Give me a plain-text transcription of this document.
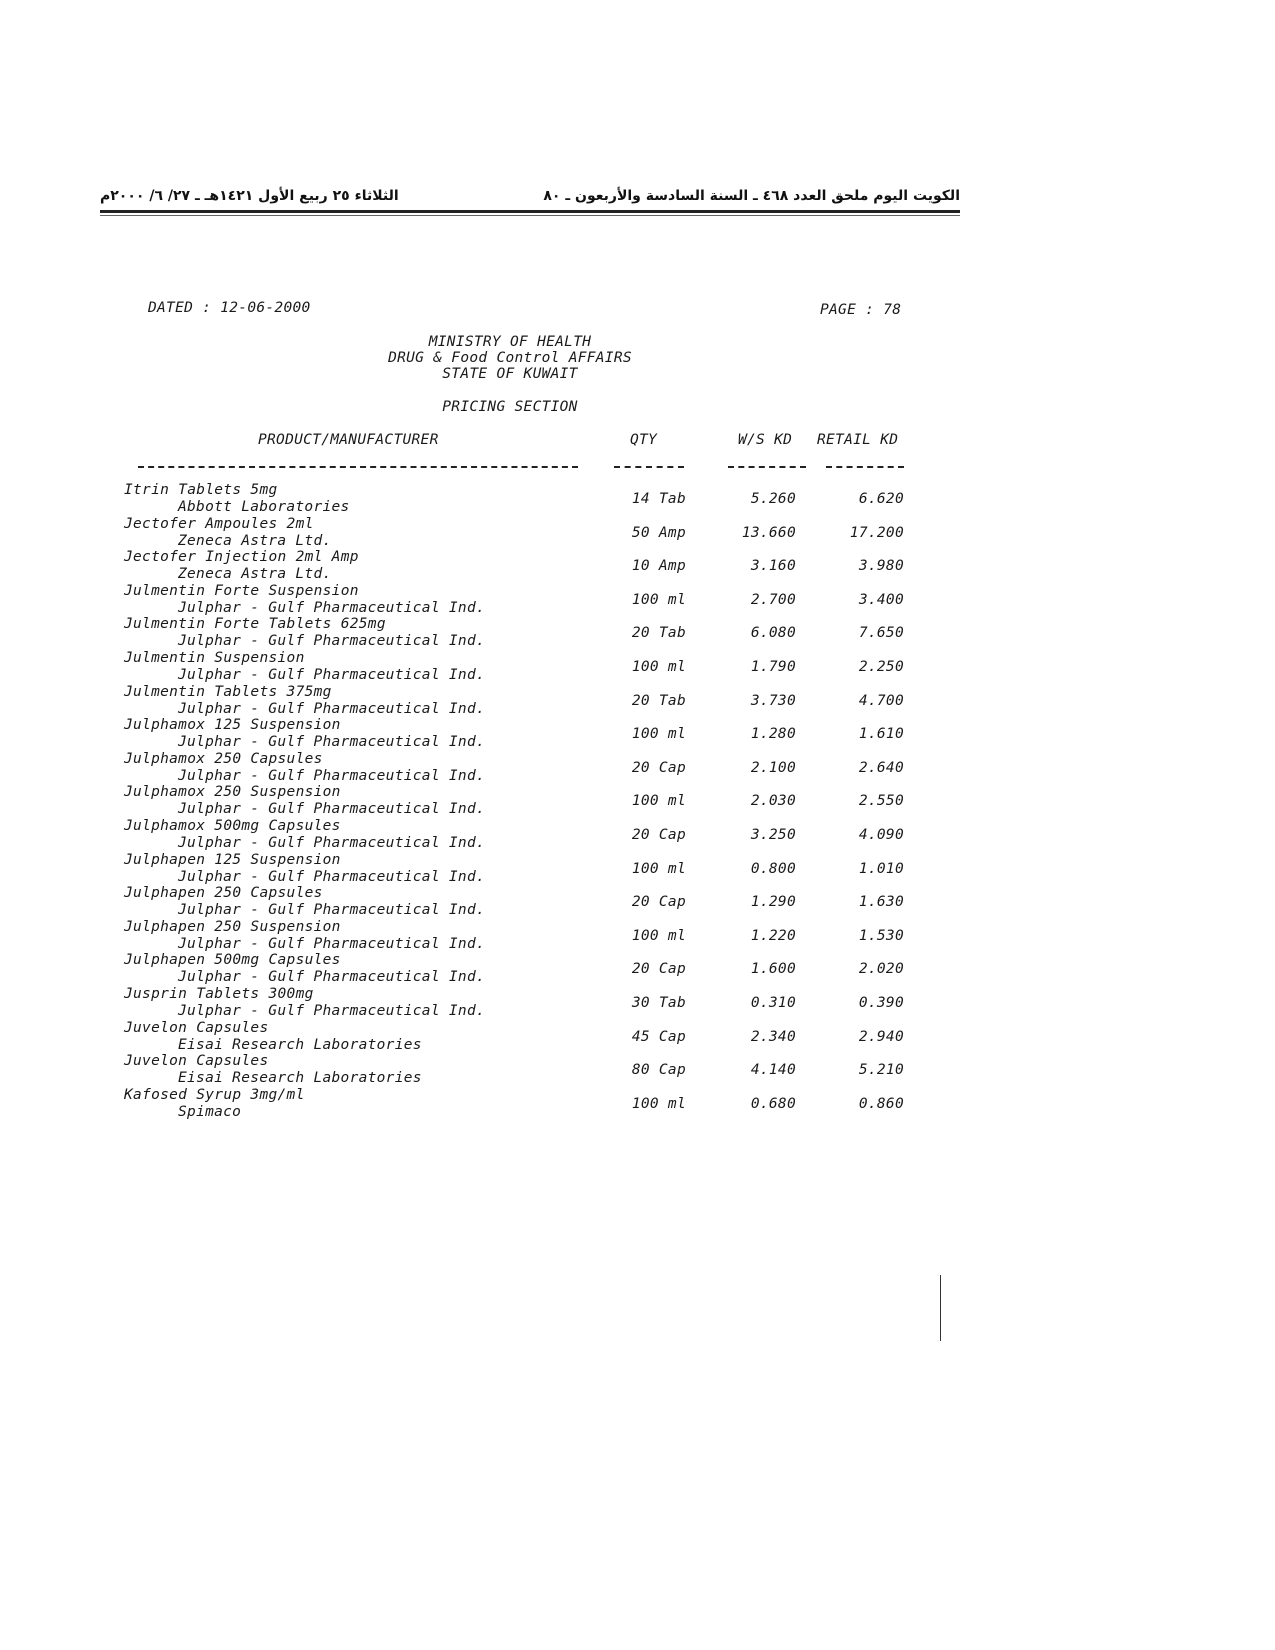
الثلاثاء ٢٥ ربيع الأول ١٤٢١هـ ـ ٢٧/ ٦/ ٢٠٠٠م	الكويت اليوم ملحق العدد ٤٦٨ ـ السنة السادسة والأربعون ـ ٨٠
DATED : 12-06-2000	PAGE : 78
MINISTRY OF HEALTH
DRUG & Food Control AFFAIRS
STATE OF KUWAIT
PRICING SECTION
PRODUCT/MANUFACTURER	QTY	W/S KD RETAIL KD
Itrin Tablets 5mg
Abbott Laboratories	14 Tab	5.260	6.620
Jectofer Ampoules 2ml
Zeneca Astra Ltd.	50 Amp	13.660	17.200
Jectofer Injection 2ml Amp
Zeneca Astra Ltd.	10 Amp	3.160	3.980
Julmentin Forte Suspension
Julphar - Gulf Pharmaceutical Ind.	100 ml	2.700	3.400
Julmentin Forte Tablets 625mg
Julphar - Gulf Pharmaceutical Ind.	20 Tab	6.080	7.650
Julmentin Suspension
Julphar - Gulf Pharmaceutical Ind.	100 ml	1.790	2.250
Julmentin Tablets 375mg
Julphar - Gulf Pharmaceutical Ind.	20 Tab	3.730	4.700
Julphamox 125 Suspension
Julphar - Gulf Pharmaceutical Ind.	100 ml	1.280	1.610
Julphamox 250 Capsules
Julphar - Gulf Pharmaceutical Ind.	20 Cap	2.100	2.640
Julphamox 250 Suspension
Julphar - Gulf Pharmaceutical Ind.	100 ml	2.030	2.550
Julphamox 500mg Capsules
Julphar - Gulf Pharmaceutical Ind.	20 Cap	3.250	4.090
Julphapen 125 Suspension
Julphar - Gulf Pharmaceutical Ind.	100 ml	0.800	1.010
Julphapen 250 Capsules
Julphar - Gulf Pharmaceutical Ind.	20 Cap	1.290	1.630
Julphapen 250 Suspension
Julphar - Gulf Pharmaceutical Ind.	100 ml	1.220	1.530
Julphapen 500mg Capsules
Julphar - Gulf Pharmaceutical Ind.	20 Cap	1.600	2.020
Jusprin Tablets 300mg
Julphar - Gulf Pharmaceutical Ind.	30 Tab	0.310	0.390
Juvelon Capsules
Eisai Research Laboratories	45 Cap	2.340	2.940
Juvelon Capsules
Eisai Research Laboratories	80 Cap	4.140	5.210
Kafosed Syrup 3mg/ml
Spimaco	100 ml	0.680	0.860
